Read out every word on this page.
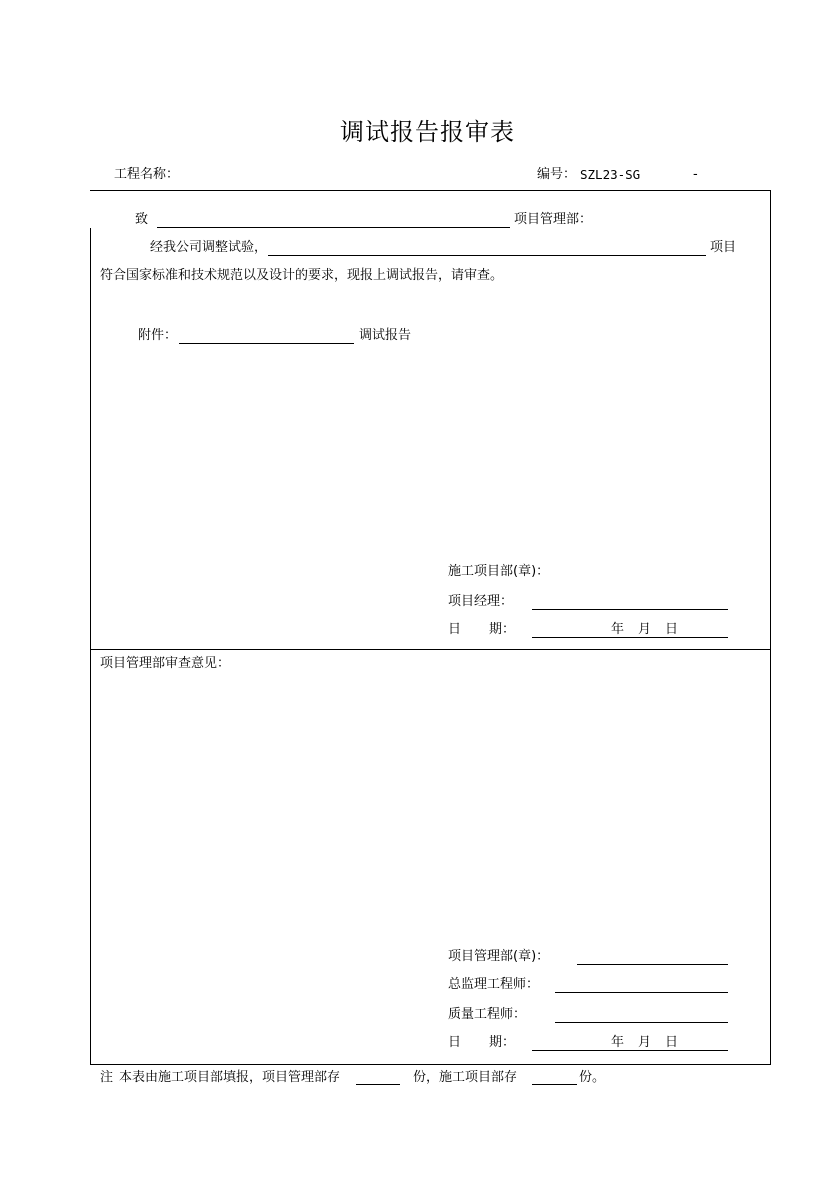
调试报告报审表
工程名称：	编号： SZL23-SG	-
致	项目管理部：
经我公司调整试验，	项目
符合国家标准和技术规范以及设计的要求，现报上调试报告，请审查。
附件：	调试报告
施工项目部(章)：
项目经理：
日 期：	年 月 日
项目管理部审查意见：
项目管理部(章)：
总监理工程师：
质量工程师：
日 期：	年 月 日
注 本表由施工项目部填报，项目管理部存	份，施工项目部存	份。
